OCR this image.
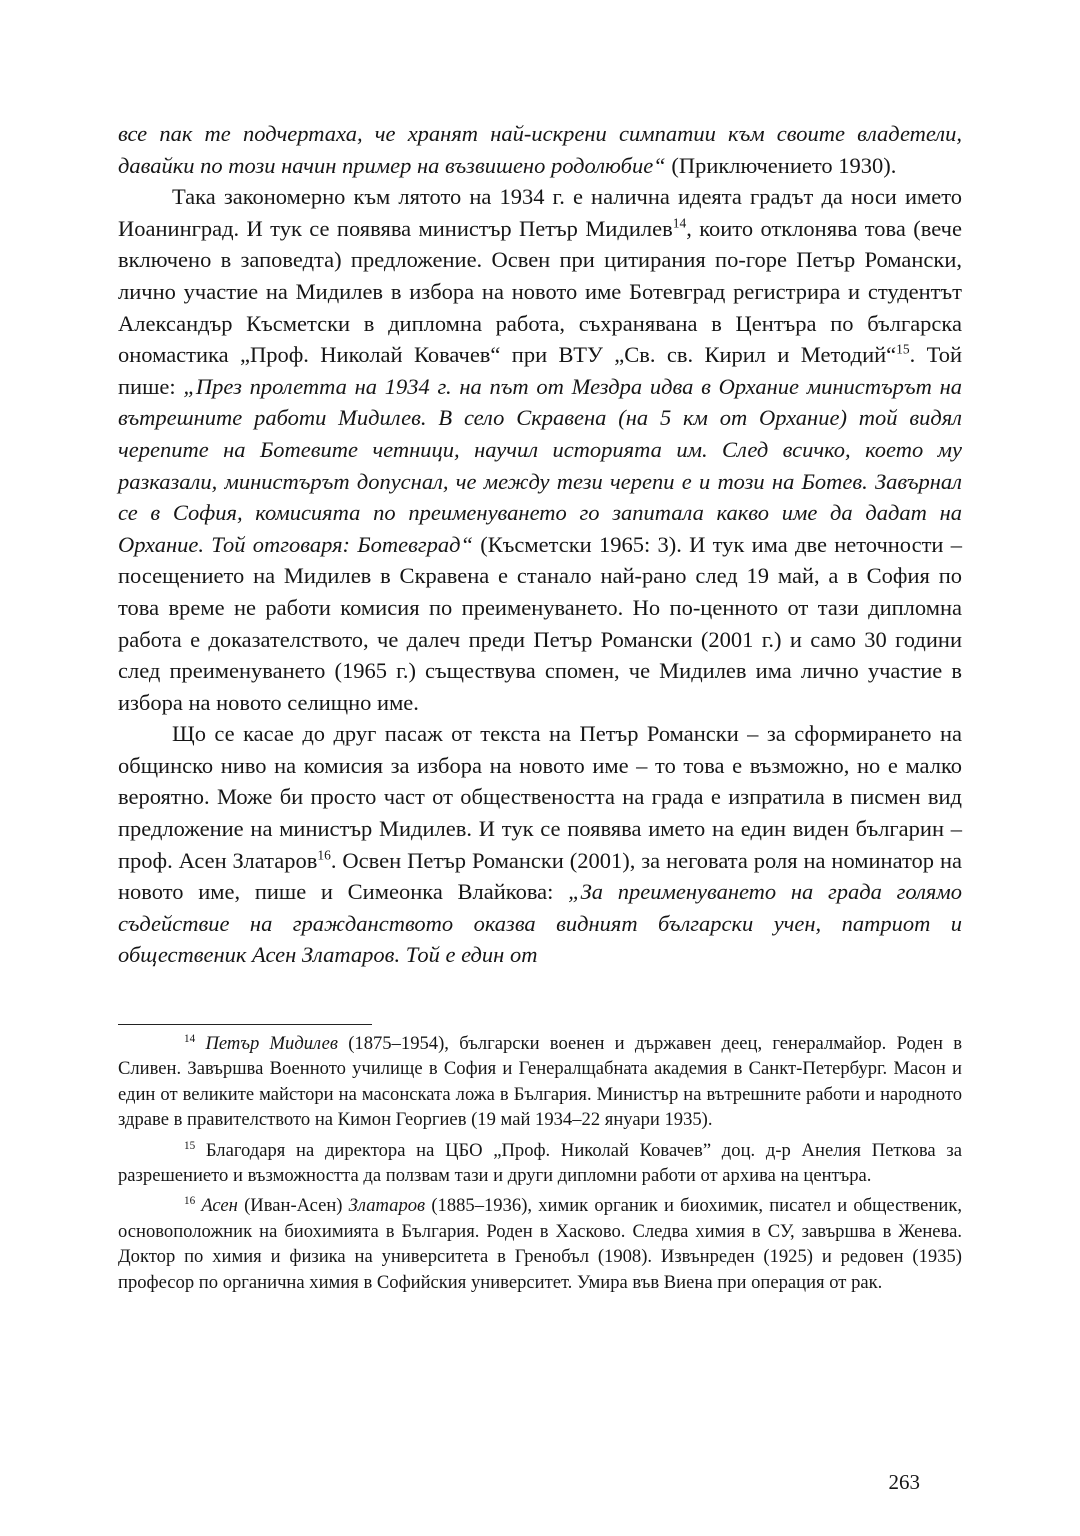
все пак те подчертаха, че хранят най-искрени симпатии към своите владетели, давайки по този начин пример на възвишено родолюбие“ (Приключението 1930).

Така закономерно към лятото на 1934 г. е налична идеята градът да носи името Иоанинград. И тук се появява министър Петър Мидилев$^{14}$, които отклонява това (вече включено в заповедта) предложение. Освен при цитирания по-горе Петър Романски, лично участие на Мидилев в избора на новото име Ботевград регистрира и студентът Александър Късметски в дипломна работа, съхранявана в Центъра по българска ономастика „Проф. Николай Ковачев“ при ВТУ „Св. св. Кирил и Методий“$^{15}$. Той пише: „През пролетта на 1934 г. на път от Мездра идва в Орхание министърът на вътрешните работи Мидилев. В село Скравена (на 5 км от Орхание) той видял черепите на Ботевите четници, научил историята им. След всичко, което му разказали, министърът допуснал, че между тези черепи е и този на Ботев. Завърнал се в София, комисията по преименуването го запитала какво име да дадат на Орхание. Той отговаря: Ботевград“ (Късметски 1965: 3). И тук има две неточности – посещението на Мидилев в Скравена е станало най-рано след 19 май, а в София по това време не работи комисия по преименуването. Но по-ценното от тази дипломна работа е доказателството, че далеч преди Петър Романски (2001 г.) и само 30 години след преименуването (1965 г.) съществува спомен, че Мидилев има лично участие в избора на новото селищно име.

Що се касае до друг пасаж от текста на Петър Романски – за сформирането на общинско ниво на комисия за избора на новото име – то това е възможно, но е малко вероятно. Може би просто част от обществеността на града е изпратила в писмен вид предложение на министър Мидилев. И тук се появява името на един виден българин – проф. Асен Златаров$^{16}$. Освен Петър Романски (2001), за неговата роля на номинатор на новото име, пише и Симеонка Влайкова: „За преименуването на града голямо съдействие на гражданството оказва видният български учен, патриот и общественик Асен Златаров. Той е един от

$^{14}$ Петър Мидилев (1875–1954), български военен и държавен деец, генералмайор. Роден в Сливен. Завършва Военното училище в София и Генералщабната академия в Санкт-Петербург. Масон и един от великите майстори на масонската ложа в България. Министър на вътрешните работи и народното здраве в правителството на Кимон Георгиев (19 май 1934–22 януари 1935).

$^{15}$ Благодаря на директора на ЦБО „Проф. Николай Ковачев” доц. д-р Анелия Петкова за разрешението и възможността да ползвам тази и други дипломни работи от архива на центъра.

$^{16}$ Асен (Иван-Асен) Златаров (1885–1936), химик органик и биохимик, писател и общественик, основоположник на биохимията в България. Роден в Хасково. Следва химия в СУ, завършва в Женева. Доктор по химия и физика на университета в Гренобъл (1908). Извънреден (1925) и редовен (1935) професор по органична химия в Софийския университет. Умира във Виена при операция от рак.

263
